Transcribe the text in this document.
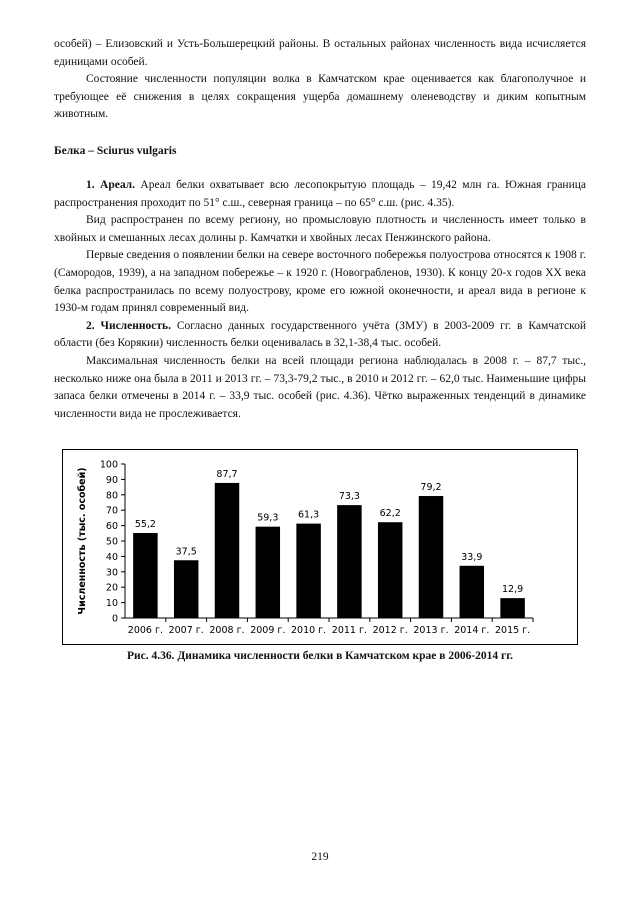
особей) – Елизовский и Усть-Большерецкий районы. В остальных районах численность вида исчисляется единицами особей.

Состояние численности популяции волка в Камчатском крае оценивается как благополучное и требующее её снижения в целях сокращения ущерба домашнему оленеводству и диким копытным животным.

Белка – Sciurus vulgaris

1. Ареал. Ареал белки охватывает всю лесопокрытую площадь – 19,42 млн га. Южная граница распространения проходит по 51° с.ш., северная граница – по 65° с.ш. (рис. 4.35).

Вид распространен по всему региону, но промысловую плотность и численность имеет только в хвойных и смешанных лесах долины р. Камчатки и хвойных лесах Пенжинского района.

Первые сведения о появлении белки на севере восточного побережья полуострова относятся к 1908 г. (Самородов, 1939), а на западном побережье – к 1920 г. (Новограбленов, 1930). К концу 20-х годов XX века белка распространилась по всему полуострову, кроме его южной оконечности, и ареал вида в регионе к 1930-м годам принял современный вид.

2. Численность. Согласно данных государственного учёта (ЗМУ) в 2003-2009 гг. в Камчатской области (без Корякии) численность белки оценивалась в 32,1-38,4 тыс. особей.

Максимальная численность белки на всей площади региона наблюдалась в 2008 г. – 87,7 тыс., несколько ниже она была в 2011 и 2013 гг. – 73,3-79,2 тыс., в 2010 и 2012 гг. – 62,0 тыс. Наименьшие цифры запаса белки отмечены в 2014 г. – 33,9 тыс. особей (рис. 4.36). Чётко выраженных тенденций в динамике численности вида не прослеживается.

0
10
20
30
40
50
60
70
80
90
100
Численность (тыс. особей)	55,2
2006 г.
37,5
2007 г.
87,7
2008 г.
59,3
2009 г.
61,3
2010 г.
73,3
2011 г.
62,2
2012 г.
79,2
2013 г.
33,9
2014 г.
12,9
2015 г.
Рис. 4.36. Динамика численности белки в Камчатском крае в 2006-2014 гг.
219
